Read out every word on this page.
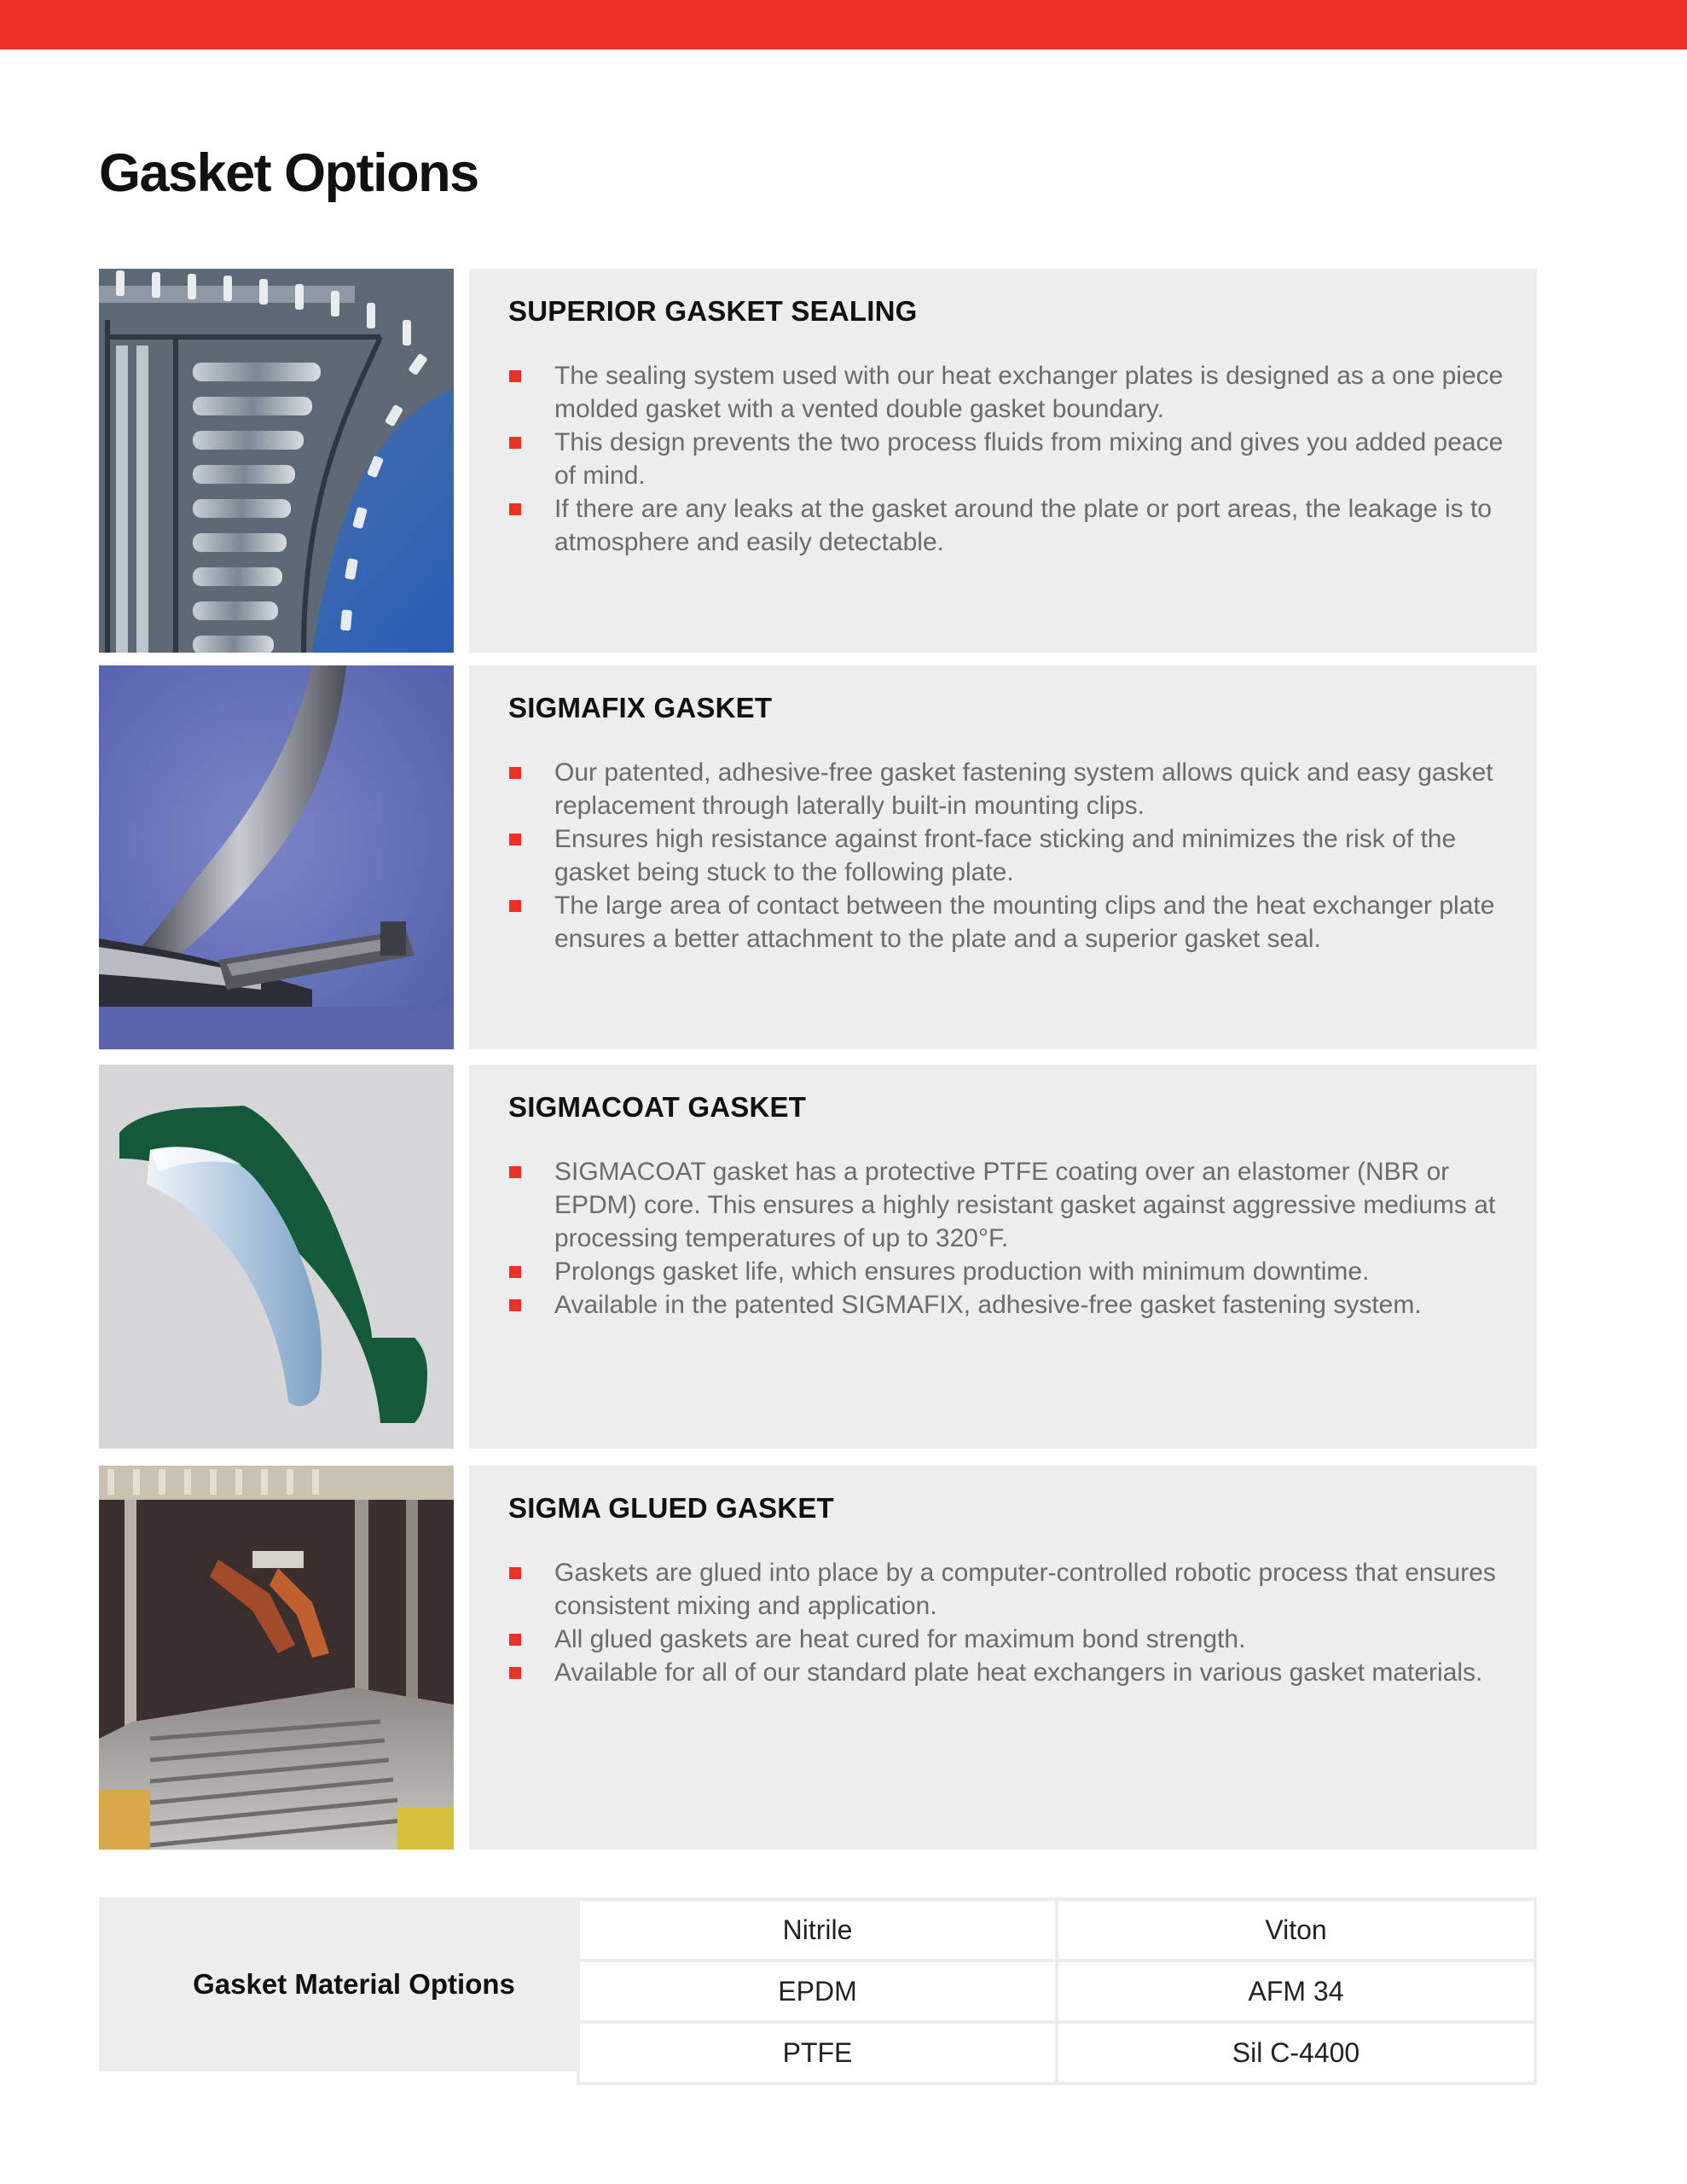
Gasket Options
SUPERIOR GASKET SEALING
The sealing system used with our heat exchanger plates is designed as a one piece molded gasket with a vented double gasket boundary.
This design prevents the two process fluids from mixing and gives you added peace of mind.
If there are any leaks at the gasket around the plate or port areas, the leakage is to atmosphere and easily detectable.
SIGMAFIX GASKET
Our patented, adhesive-free gasket fastening system allows quick and easy gasket replacement through laterally built-in mounting clips.
Ensures high resistance against front-face sticking and minimizes the risk of the gasket being stuck to the following plate.
The large area of contact between the mounting clips and the heat exchanger plate ensures a better attachment to the plate and a superior gasket seal.
SIGMACOAT GASKET
SIGMACOAT gasket has a protective PTFE coating over an elastomer (NBR or EPDM) core. This ensures a highly resistant gasket against aggressive mediums at processing temperatures of up to 320°F.
Prolongs gasket life, which ensures production with minimum downtime.
Available in the patented SIGMAFIX, adhesive-free gasket fastening system.
SIGMA GLUED GASKET
Gaskets are glued into place by a computer-controlled robotic process that ensures consistent mixing and application.
All glued gaskets are heat cured for maximum bond strength.
Available for all of our standard plate heat exchangers in various gasket materials.
Gasket Material Options
Nitrile	Viton
EPDM	AFM 34
PTFE	Sil C-4400
